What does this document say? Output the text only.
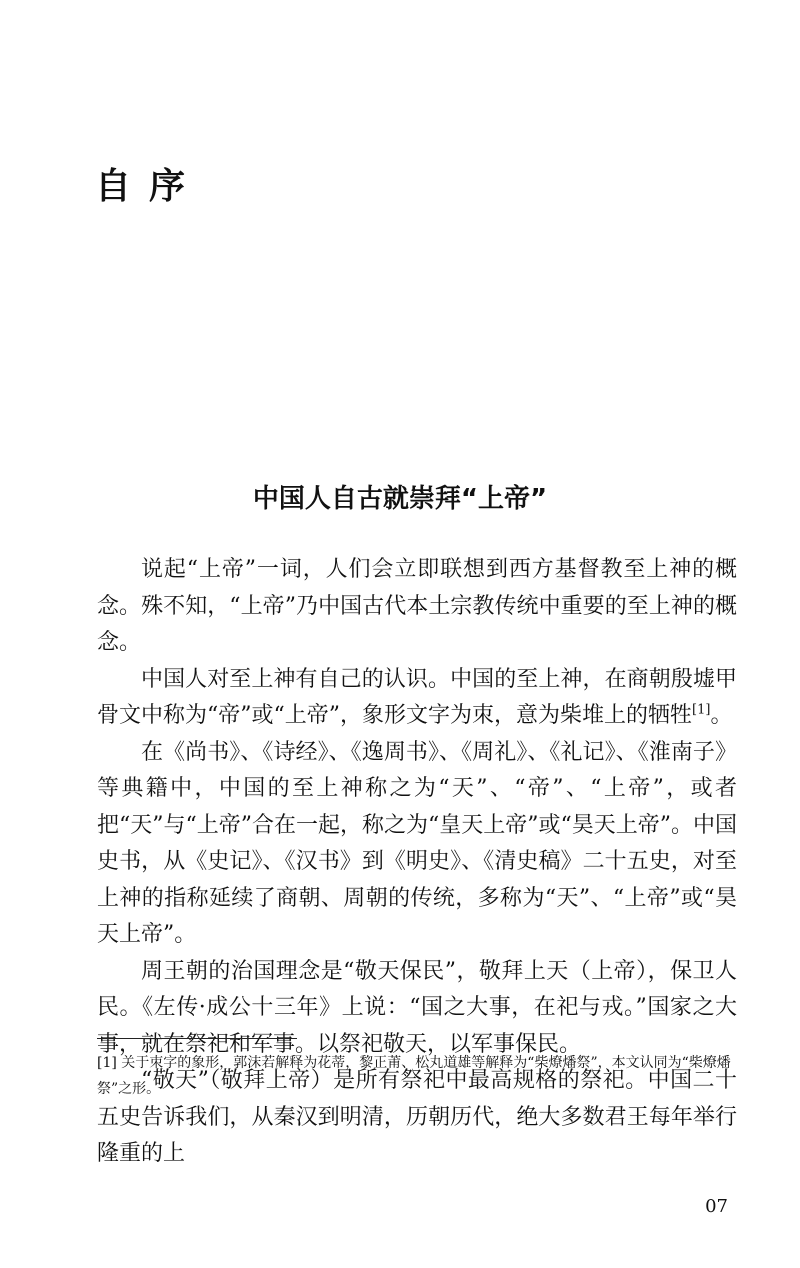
自序
中国人自古就崇拜“上帝”

说起“上帝”一词，人们会立即联想到西方基督教至上神的概念。殊不知，“上帝”乃中国古代本土宗教传统中重要的至上神的概念。

中国人对至上神有自己的认识。中国的至上神，在商朝殷墟甲骨文中称为“帝”或“上帝”，象形文字为朿，意为柴堆上的牺牲[1]。

在《尚书》、《诗经》、《逸周书》、《周礼》、《礼记》、《淮南子》等典籍中，中国的至上神称之为“天”、“帝”、“上帝”，或者把“天”与“上帝”合在一起，称之为“皇天上帝”或“昊天上帝”。中国史书，从《史记》、《汉书》到《明史》、《清史稿》二十五史，对至上神的指称延续了商朝、周朝的传统，多称为“天”、“上帝”或“昊天上帝”。

周王朝的治国理念是“敬天保民”，敬拜上天（上帝），保卫人民。《左传·成公十三年》上说：“国之大事，在祀与戎。”国家之大事，就在祭祀和军事。以祭祀敬天，以军事保民。

“敬天”（敬拜上帝）是所有祭祀中最高规格的祭祀。中国二十五史告诉我们，从秦汉到明清，历朝历代，绝大多数君王每年举行隆重的上

[1] 关于朿字的象形，郭沫若解释为花蒂，黎正莆、松丸道雄等解释为“柴燎燔祭”，本文认同为“柴燎燔祭”之形。

07
